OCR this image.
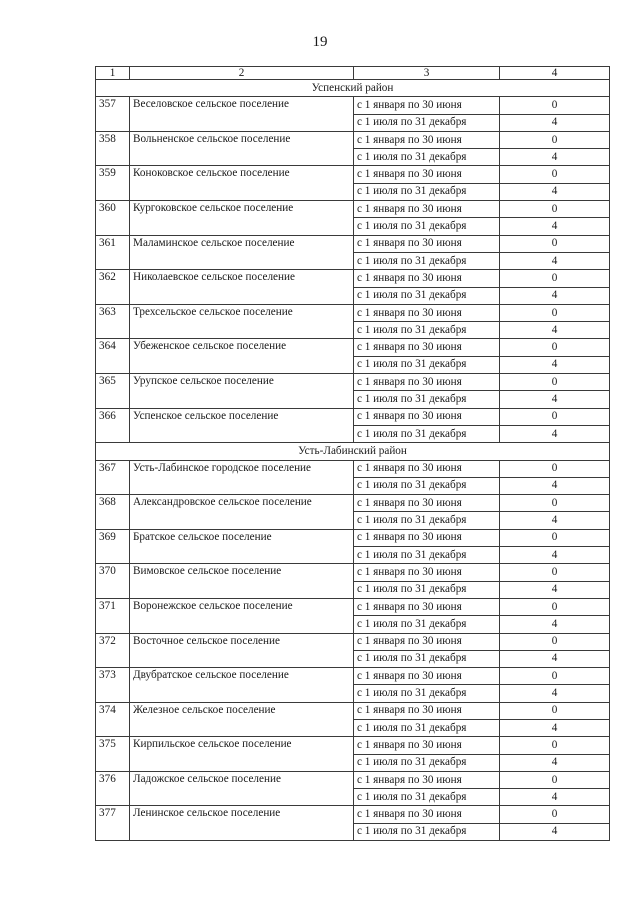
19
1	2	3	4
Успенский район			
357	Веселовское сельское поселение	с 1 января по 30 июня	0
		с 1 июля по 31 декабря	4
358	Вольненское сельское поселение	с 1 января по 30 июня	0
		с 1 июля по 31 декабря	4
359	Коноковское сельское поселение	с 1 января по 30 июня	0
		с 1 июля по 31 декабря	4
360	Кургоковское сельское поселение	с 1 января по 30 июня	0
		с 1 июля по 31 декабря	4
361	Маламинское сельское поселение	с 1 января по 30 июня	0
		с 1 июля по 31 декабря	4
362	Николаевское сельское поселение	с 1 января по 30 июня	0
		с 1 июля по 31 декабря	4
363	Трехсельское сельское поселение	с 1 января по 30 июня	0
		с 1 июля по 31 декабря	4
364	Убеженское сельское поселение	с 1 января по 30 июня	0
		с 1 июля по 31 декабря	4
365	Урупское сельское поселение	с 1 января по 30 июня	0
		с 1 июля по 31 декабря	4
366	Успенское сельское поселение	с 1 января по 30 июня	0
		с 1 июля по 31 декабря	4
Усть-Лабинский район			
367	Усть-Лабинское городское поселение	с 1 января по 30 июня	0
		с 1 июля по 31 декабря	4
368	Александровское сельское поселение	с 1 января по 30 июня	0
		с 1 июля по 31 декабря	4
369	Братское сельское поселение	с 1 января по 30 июня	0
		с 1 июля по 31 декабря	4
370	Вимовское сельское поселение	с 1 января по 30 июня	0
		с 1 июля по 31 декабря	4
371	Воронежское сельское поселение	с 1 января по 30 июня	0
		с 1 июля по 31 декабря	4
372	Восточное сельское поселение	с 1 января по 30 июня	0
		с 1 июля по 31 декабря	4
373	Двубратское сельское поселение	с 1 января по 30 июня	0
		с 1 июля по 31 декабря	4
374	Железное сельское поселение	с 1 января по 30 июня	0
		с 1 июля по 31 декабря	4
375	Кирпильское сельское поселение	с 1 января по 30 июня	0
		с 1 июля по 31 декабря	4
376	Ладожское сельское поселение	с 1 января по 30 июня	0
		с 1 июля по 31 декабря	4
377	Ленинское сельское поселение	с 1 января по 30 июня	0
		с 1 июля по 31 декабря	4
